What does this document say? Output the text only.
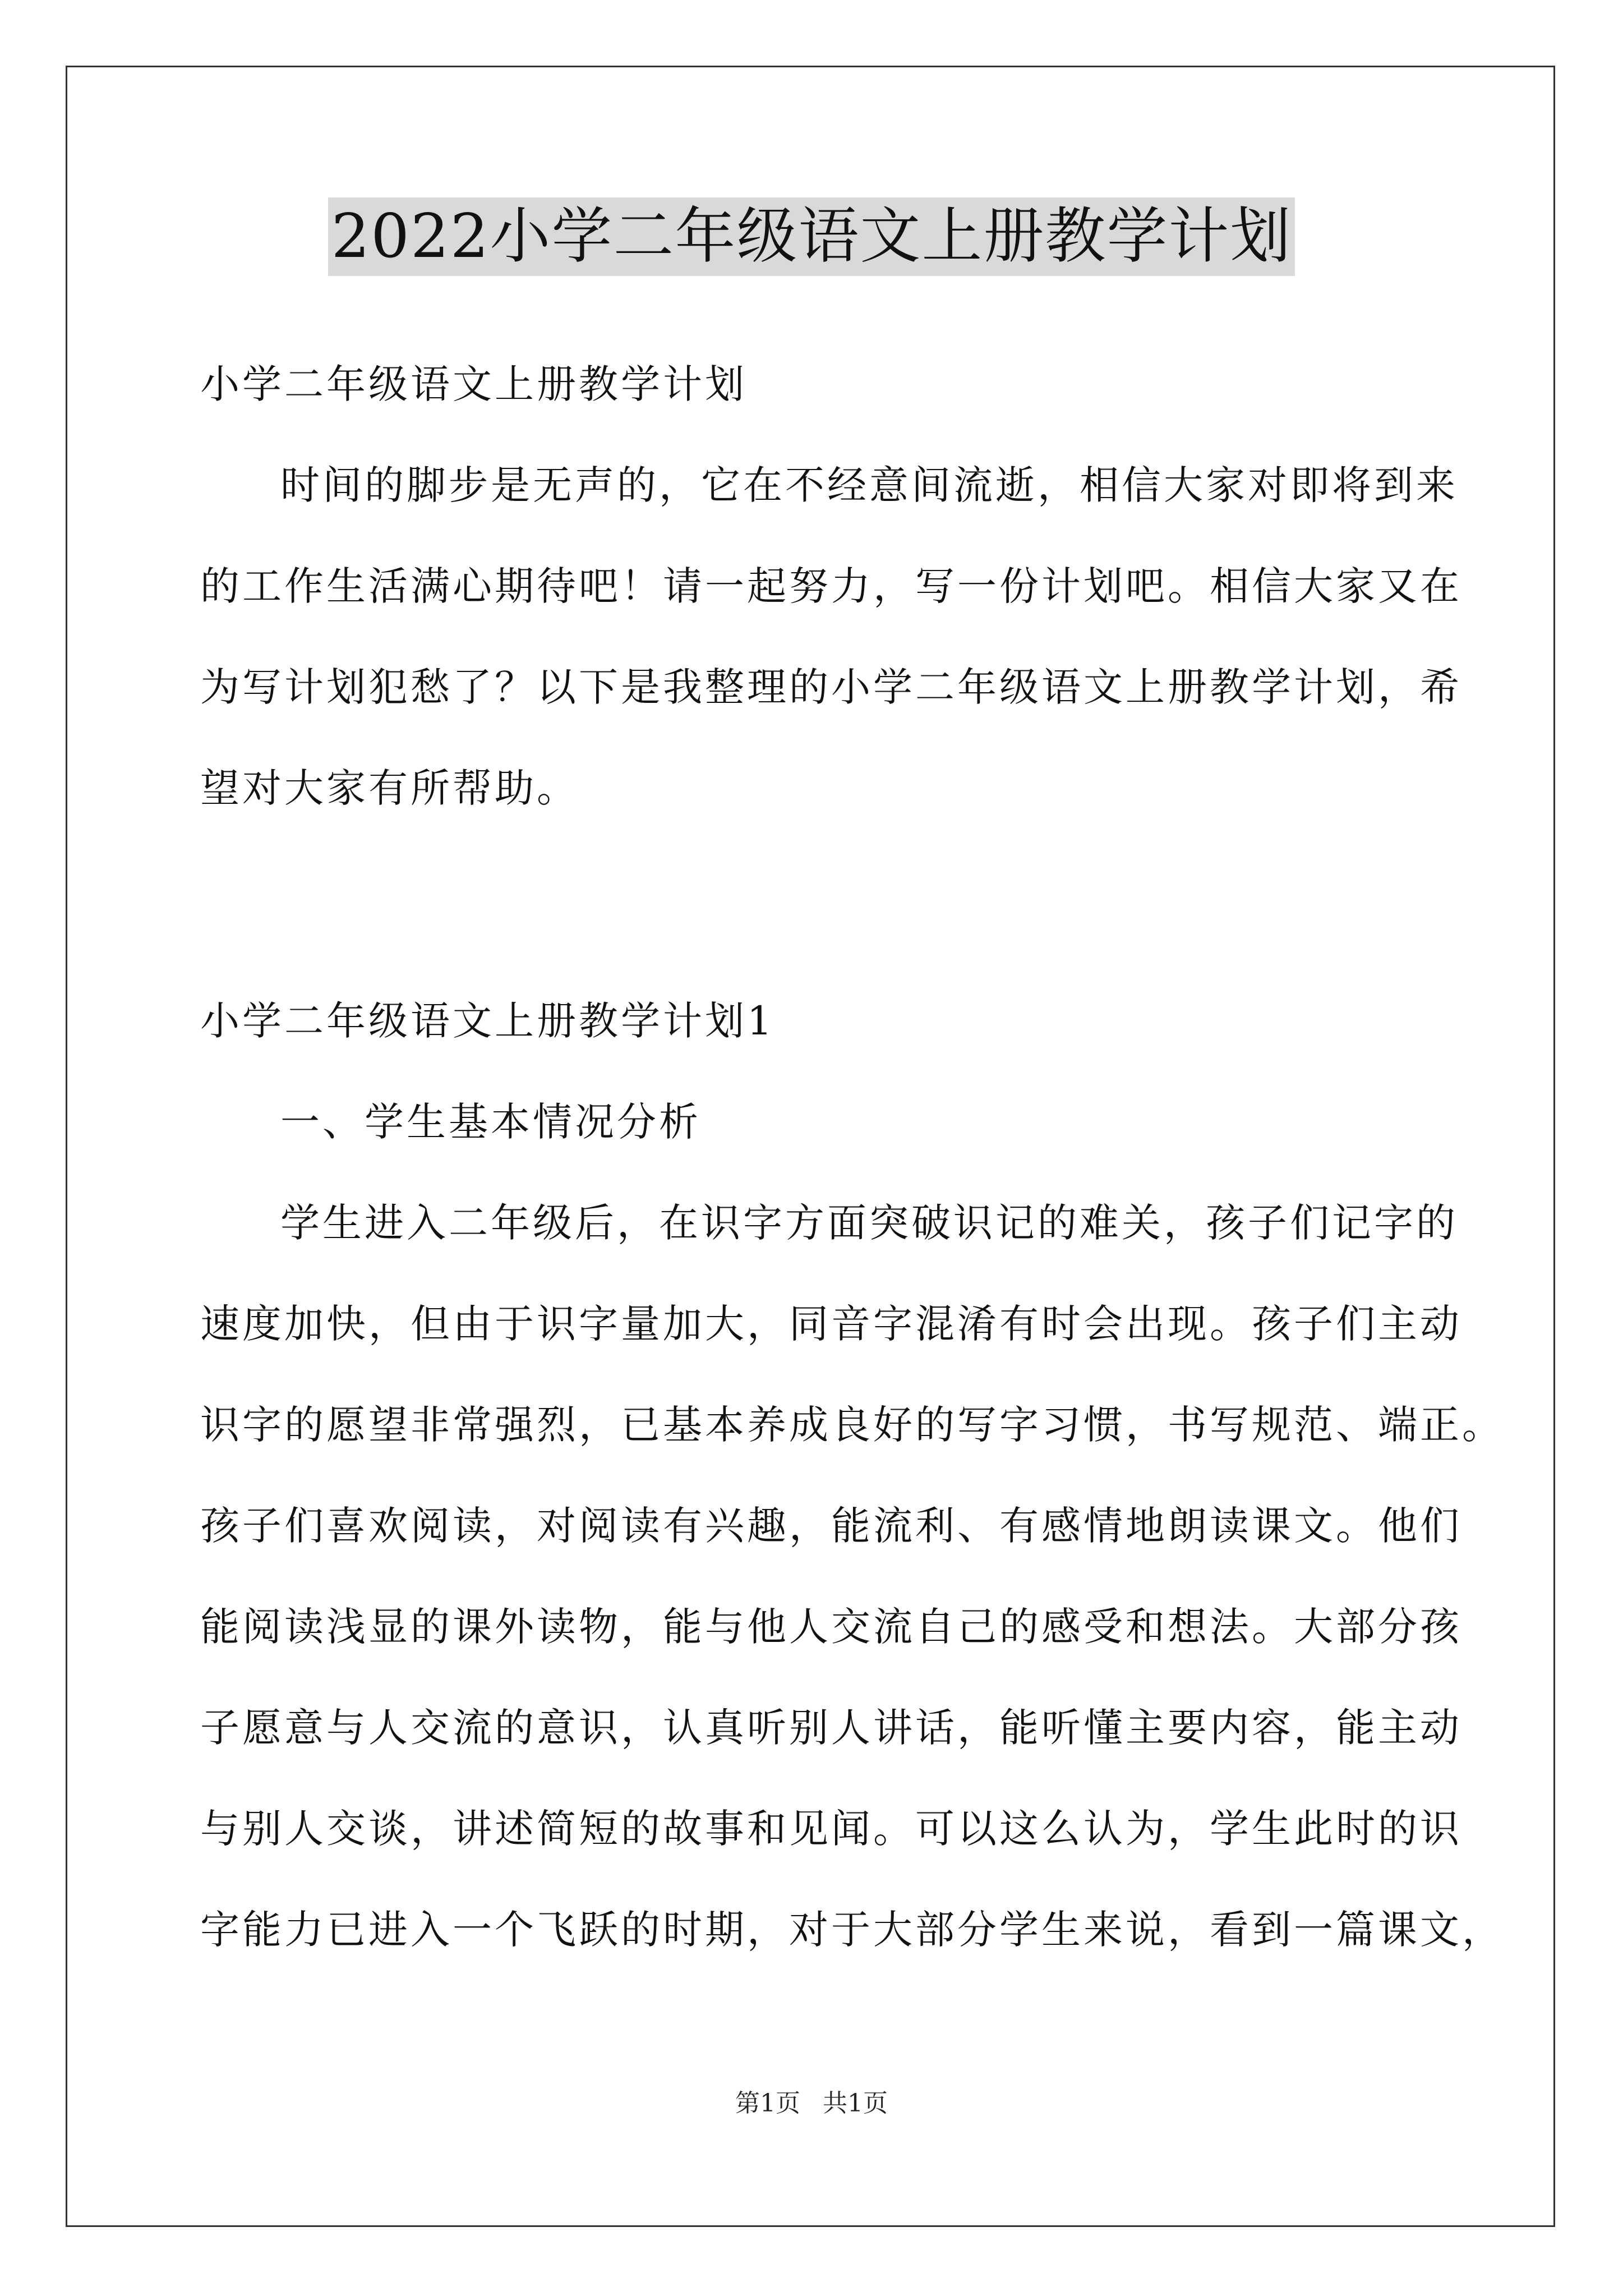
2022小学二年级语文上册教学计划
小学二年级语文上册教学计划
时间的脚步是无声的，它在不经意间流逝，相信大家对即将到来
的工作生活满心期待吧！请一起努力，写一份计划吧。相信大家又在
为写计划犯愁了？以下是我整理的小学二年级语文上册教学计划，希
望对大家有所帮助。
小学二年级语文上册教学计划1
一、学生基本情况分析
学生进入二年级后，在识字方面突破识记的难关，孩子们记字的
速度加快，但由于识字量加大，同音字混淆有时会出现。孩子们主动
识字的愿望非常强烈，已基本养成良好的写字习惯，书写规范、端正。
孩子们喜欢阅读，对阅读有兴趣，能流利、有感情地朗读课文。他们
能阅读浅显的课外读物，能与他人交流自己的感受和想法。大部分孩
子愿意与人交流的意识，认真听别人讲话，能听懂主要内容，能主动
与别人交谈，讲述简短的故事和见闻。可以这么认为，学生此时的识
字能力已进入一个飞跃的时期，对于大部分学生来说，看到一篇课文，
第1页 共1页
